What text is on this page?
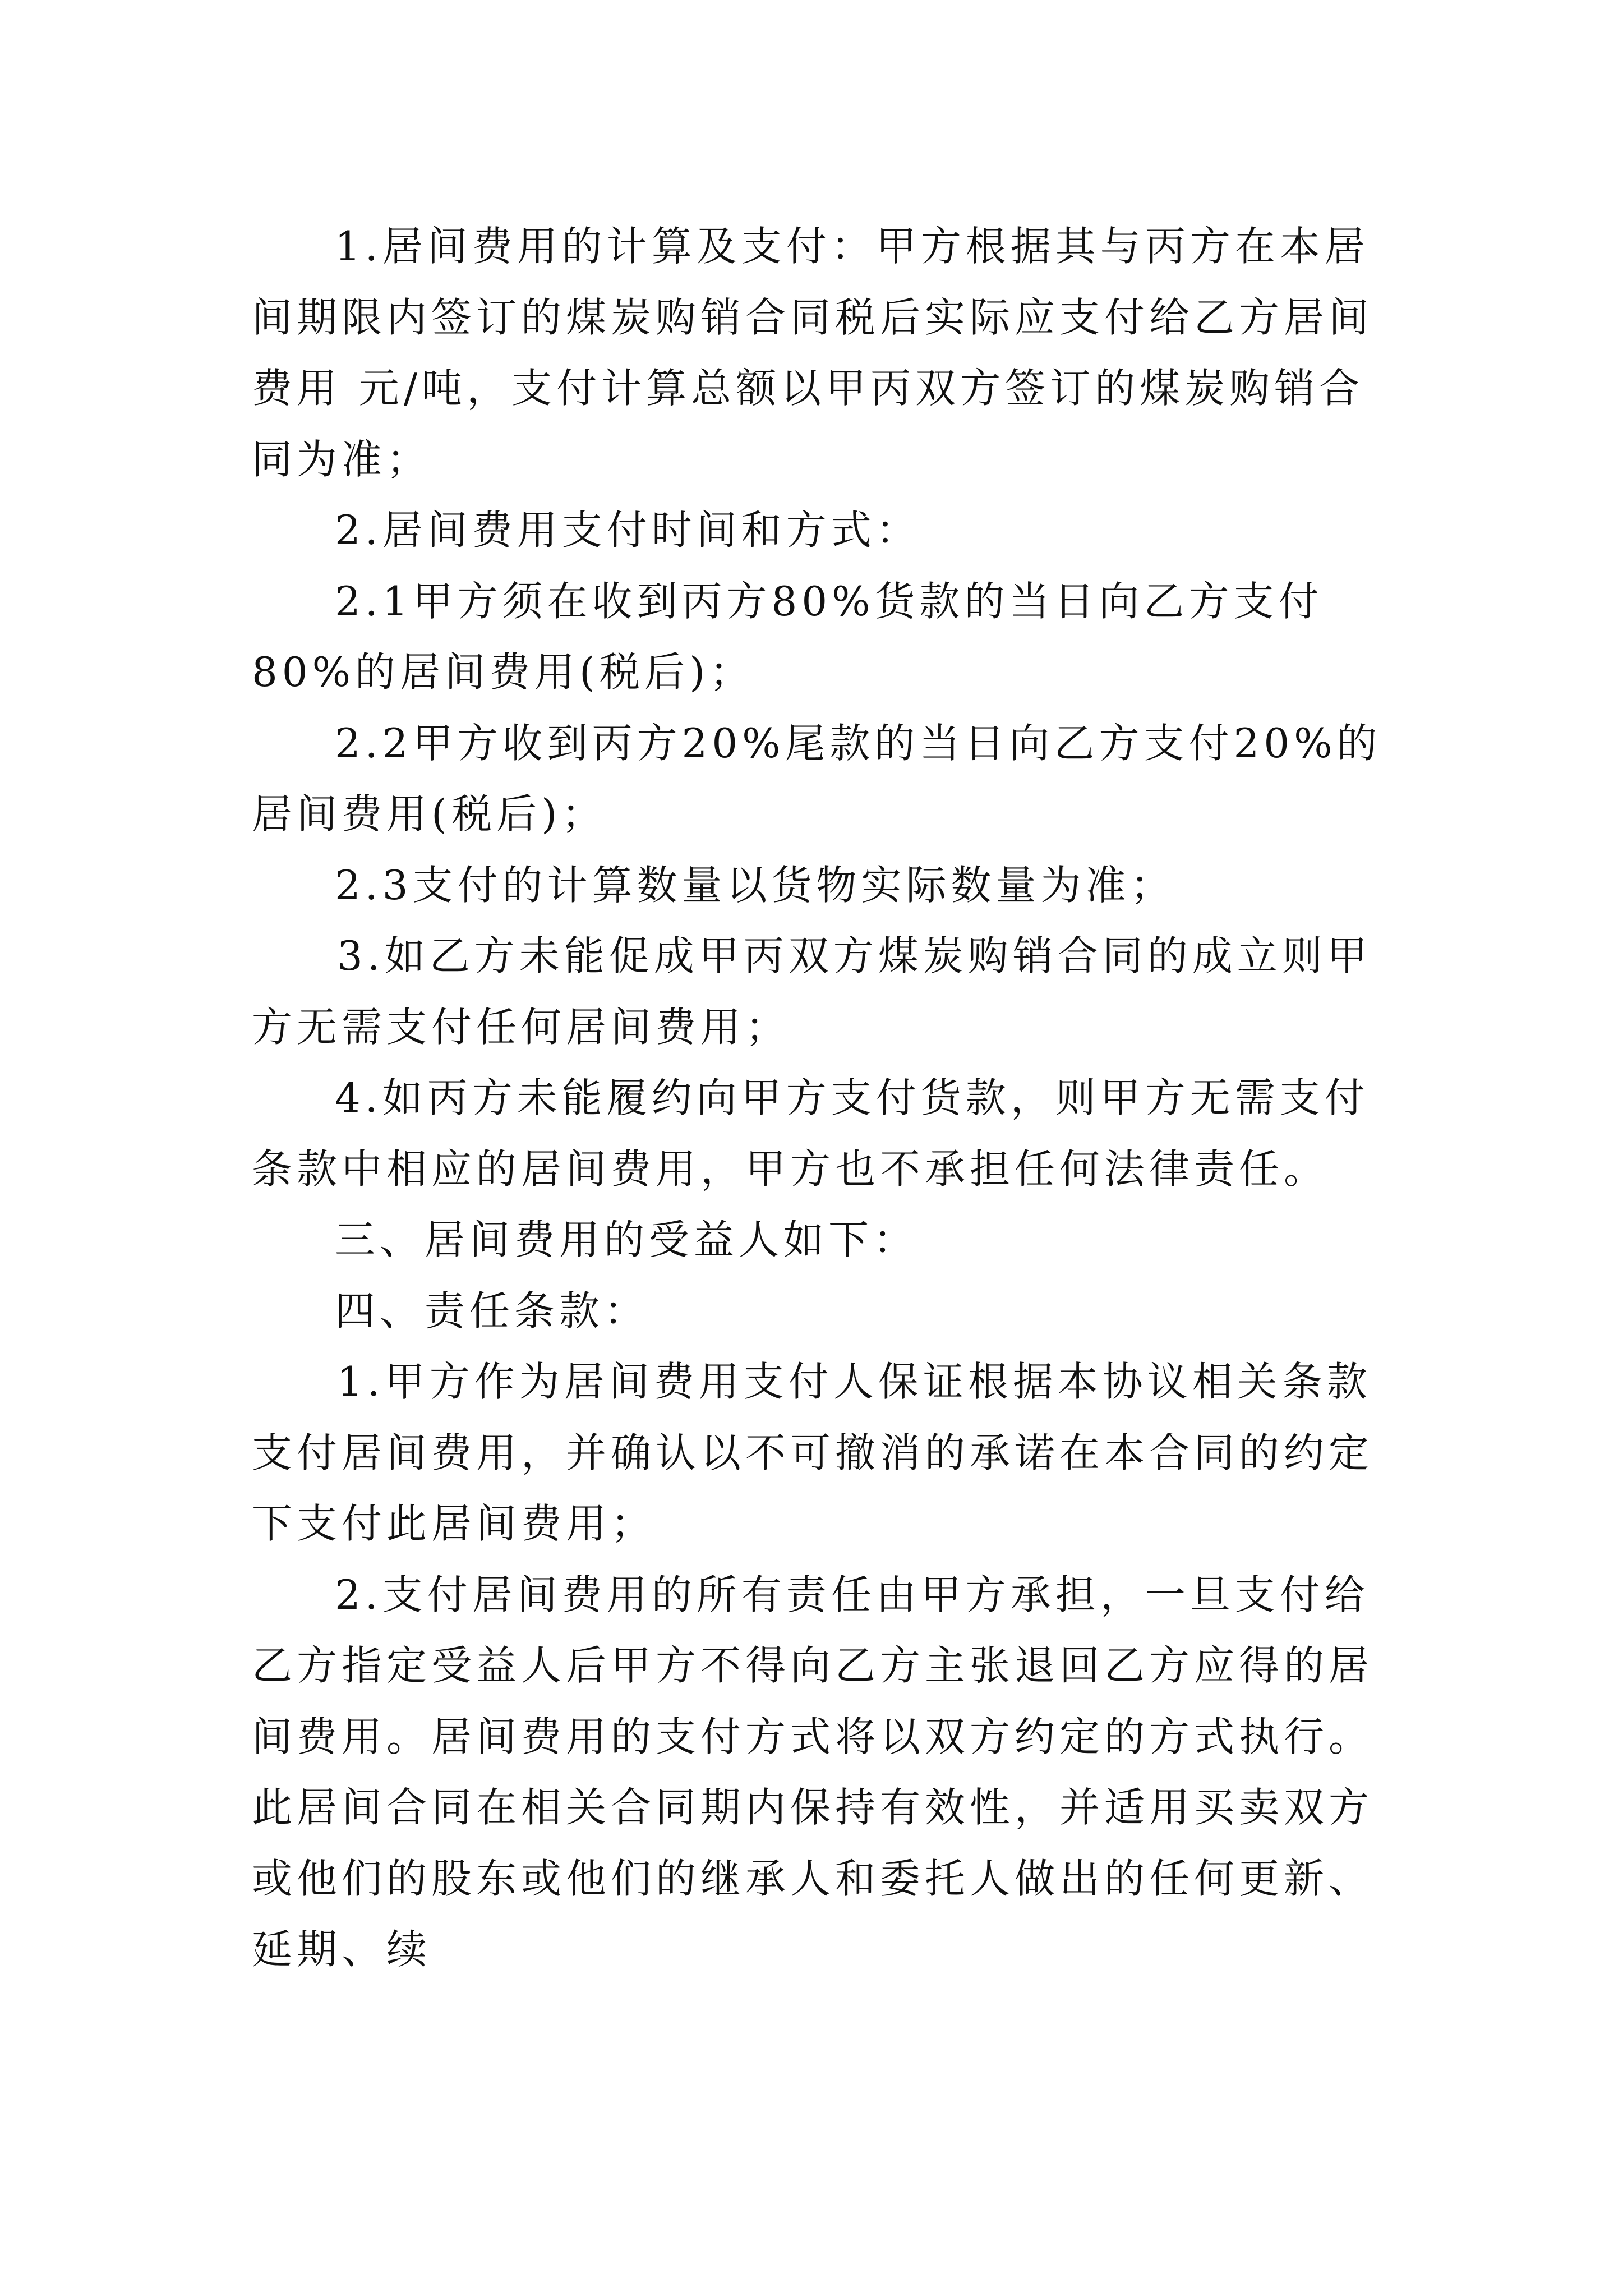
1.居间费用的计算及支付：甲方根据其与丙方在本居间期限内签订的煤炭购销合同税后实际应支付给乙方居间费用 元/吨，支付计算总额以甲丙双方签订的煤炭购销合同为准；
2.居间费用支付时间和方式：
2.1甲方须在收到丙方80%货款的当日向乙方支付80%的居间费用(税后)；
2.2甲方收到丙方20%尾款的当日向乙方支付20%的居间费用(税后)；
2.3支付的计算数量以货物实际数量为准；
3.如乙方未能促成甲丙双方煤炭购销合同的成立则甲方无需支付任何居间费用；
4.如丙方未能履约向甲方支付货款，则甲方无需支付条款中相应的居间费用，甲方也不承担任何法律责任。
三、居间费用的受益人如下：
四、责任条款：
1.甲方作为居间费用支付人保证根据本协议相关条款支付居间费用，并确认以不可撤消的承诺在本合同的约定下支付此居间费用；
2.支付居间费用的所有责任由甲方承担，一旦支付给乙方指定受益人后甲方不得向乙方主张退回乙方应得的居间费用。居间费用的支付方式将以双方约定的方式执行。此居间合同在相关合同期内保持有效性，并适用买卖双方或他们的股东或他们的继承人和委托人做出的任何更新、延期、续
